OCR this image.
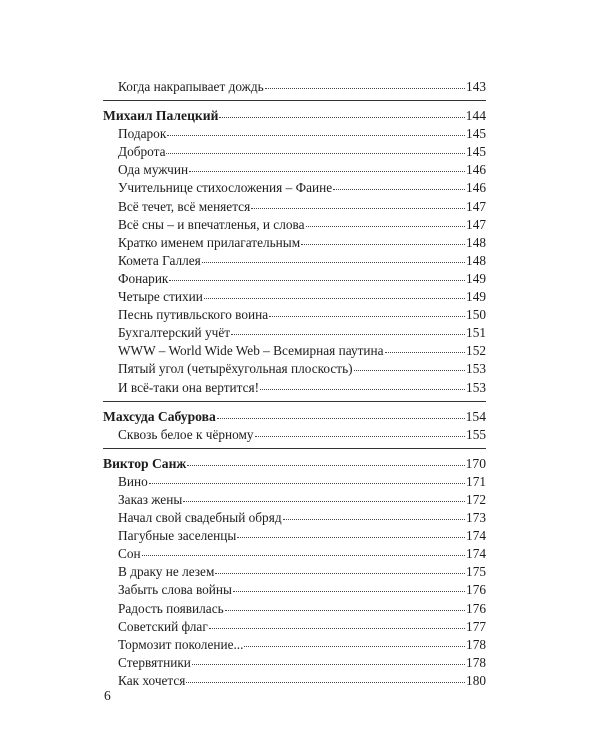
Когда накрапывает дождь	143
Михаил Палецкий	144
Подарок	145
Доброта	145
Ода мужчин	146
Учительнице стихосложения – Фаине	146
Всё течет, всё меняется	147
Всё сны – и впечатленья, и слова	147
Кратко именем прилагательным	148
Комета Галлея	148
Фонарик	149
Четыре стихии	149
Песнь путивльского воина	150
Бухгалтерский учёт	151
WWW – World Wide Web – Всемирная паутина	152
Пятый угол (четырёхугольная плоскость)	153
И всё-таки она вертится!	153
Махсуда Сабурова	154
Сквозь белое к чёрному	155
Виктор Санж	170
Вино	171
Заказ жены	172
Начал свой свадебный обряд	173
Пагубные заселенцы	174
Сон	174
В драку не лезем	175
Забыть слова войны	176
Радость появилась	176
Советский флаг	177
Тормозит поколение...	178
Стервятники	178
Как хочется	180
6
